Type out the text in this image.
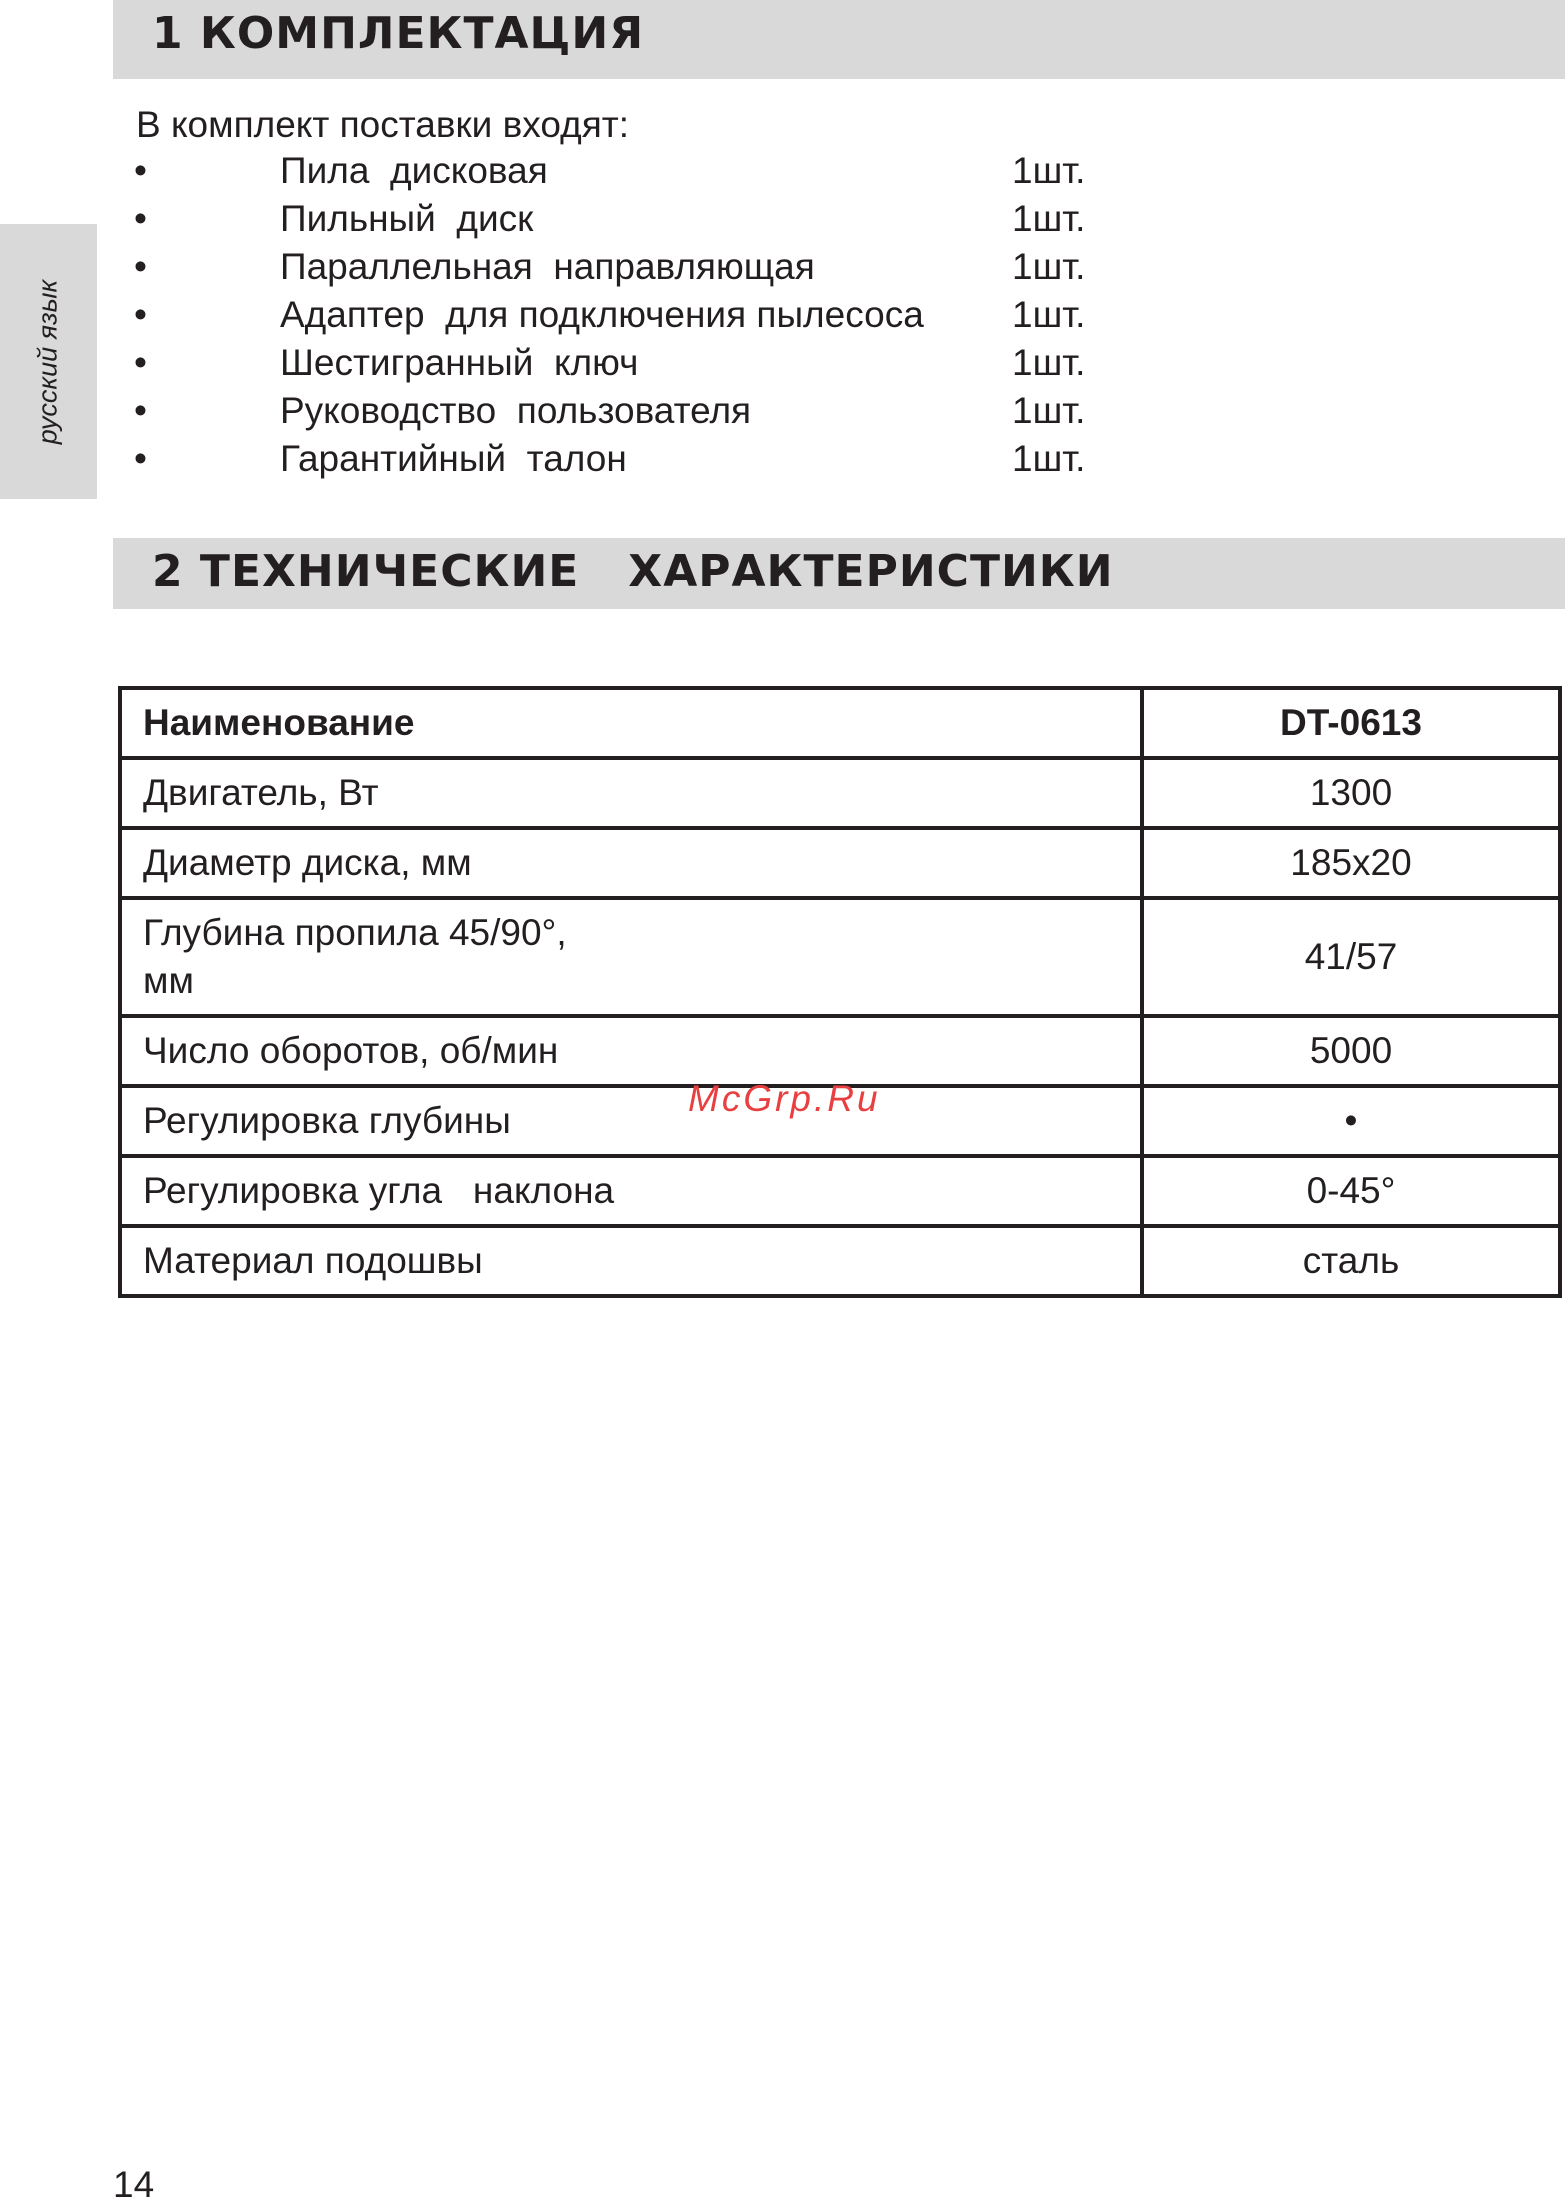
русский язык
1 КОМПЛЕКТАЦИЯ
В комплект поставки входят:
•	Пила  дисковая	1шт.
•	Пильный  диск	1шт.
•	Параллельная  направляющая	1шт.
•	Адаптер  для подключения пылесоса 1шт.
•	Шестигранный  ключ	1шт.
•	Руководство  пользователя	1шт.
•	Гарантийный  талон	1шт.
2 ТЕХНИЧЕСКИЕ   ХАРАКТЕРИСТИКИ
Наименование	DT-0613
Двигатель, Вт	1300
Диаметр диска, мм	185x20
Глубина пропила 45/90°,
мм	41/57
Число оборотов, об/мин	5000
Регулировка глубины	•
Регулировка угла   наклона	0-45°
Материал подошвы	сталь
McGrp.Ru
14
